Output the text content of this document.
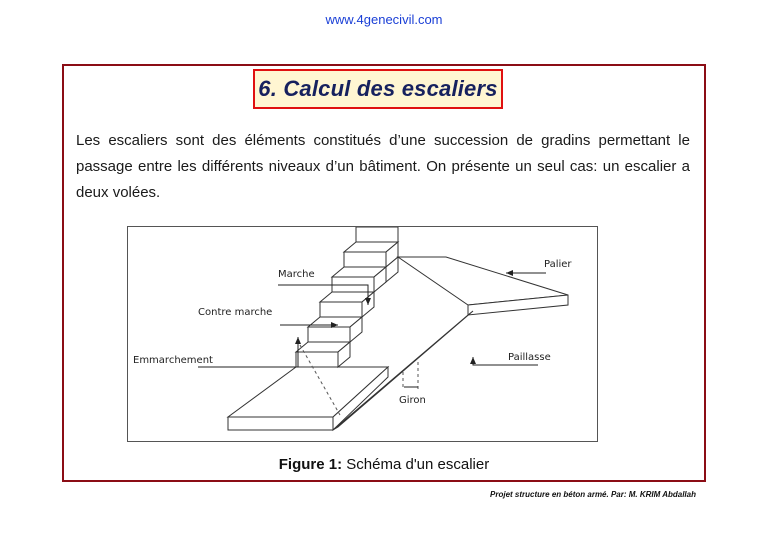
www.4genecivil.com
6. Calcul des escaliers
Les escaliers sont des éléments constitués d’une succession de gradins permettant le passage entre les différents niveaux d’un bâtiment. On présente un seul cas: un escalier a deux volées.
Marche
Contre marche
Emmarchement
Palier
Paillasse
Giron
Figure 1: Schéma d'un escalier
Projet structure en béton armé. Par: M. KRIM Abdallah
